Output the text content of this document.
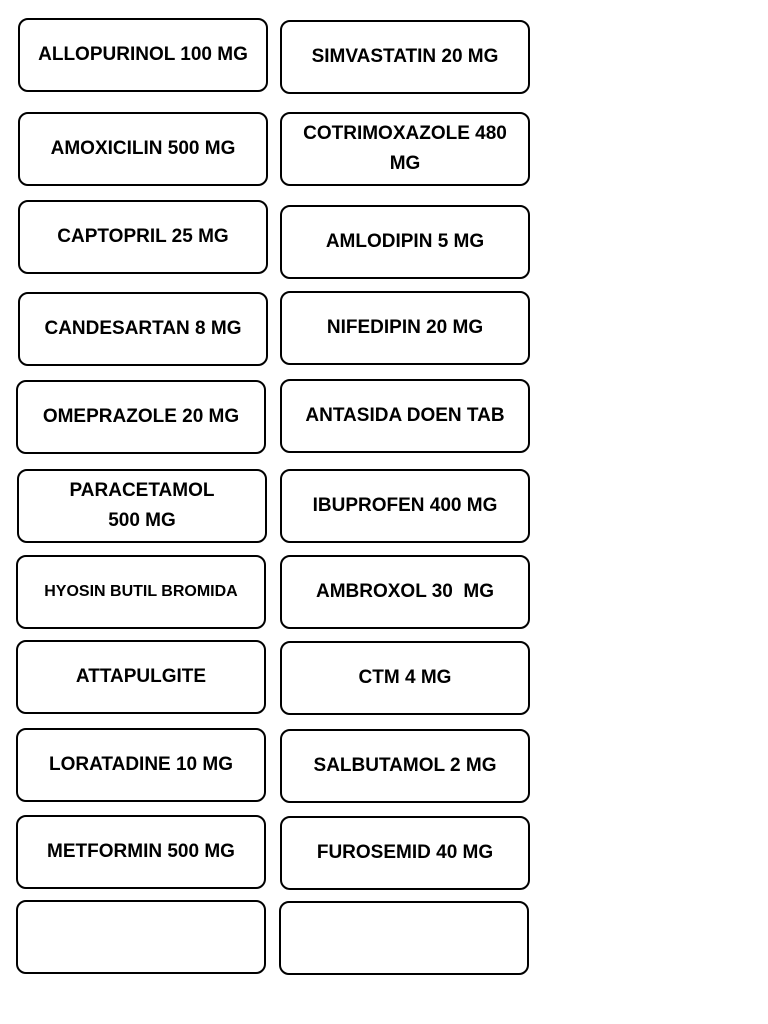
ALLOPURINOL 100 MG	SIMVASTATIN 20 MG
AMOXICILIN 500 MG
COTRIMOXAZOLE 480 MG
CAPTOPRIL 25 MG	AMLODIPIN 5 MG
CANDESARTAN 8 MG	NIFEDIPIN 20 MG
OMEPRAZOLE 20 MG	ANTASIDA DOEN TAB
PARACETAMOL
500 MG
IBUPROFEN 400 MG
HYOSIN BUTIL BROMIDA	AMBROXOL 30  MG
ATTAPULGITE	CTM 4 MG
LORATADINE 10 MG	SALBUTAMOL 2 MG
METFORMIN 500 MG	FUROSEMID 40 MG
